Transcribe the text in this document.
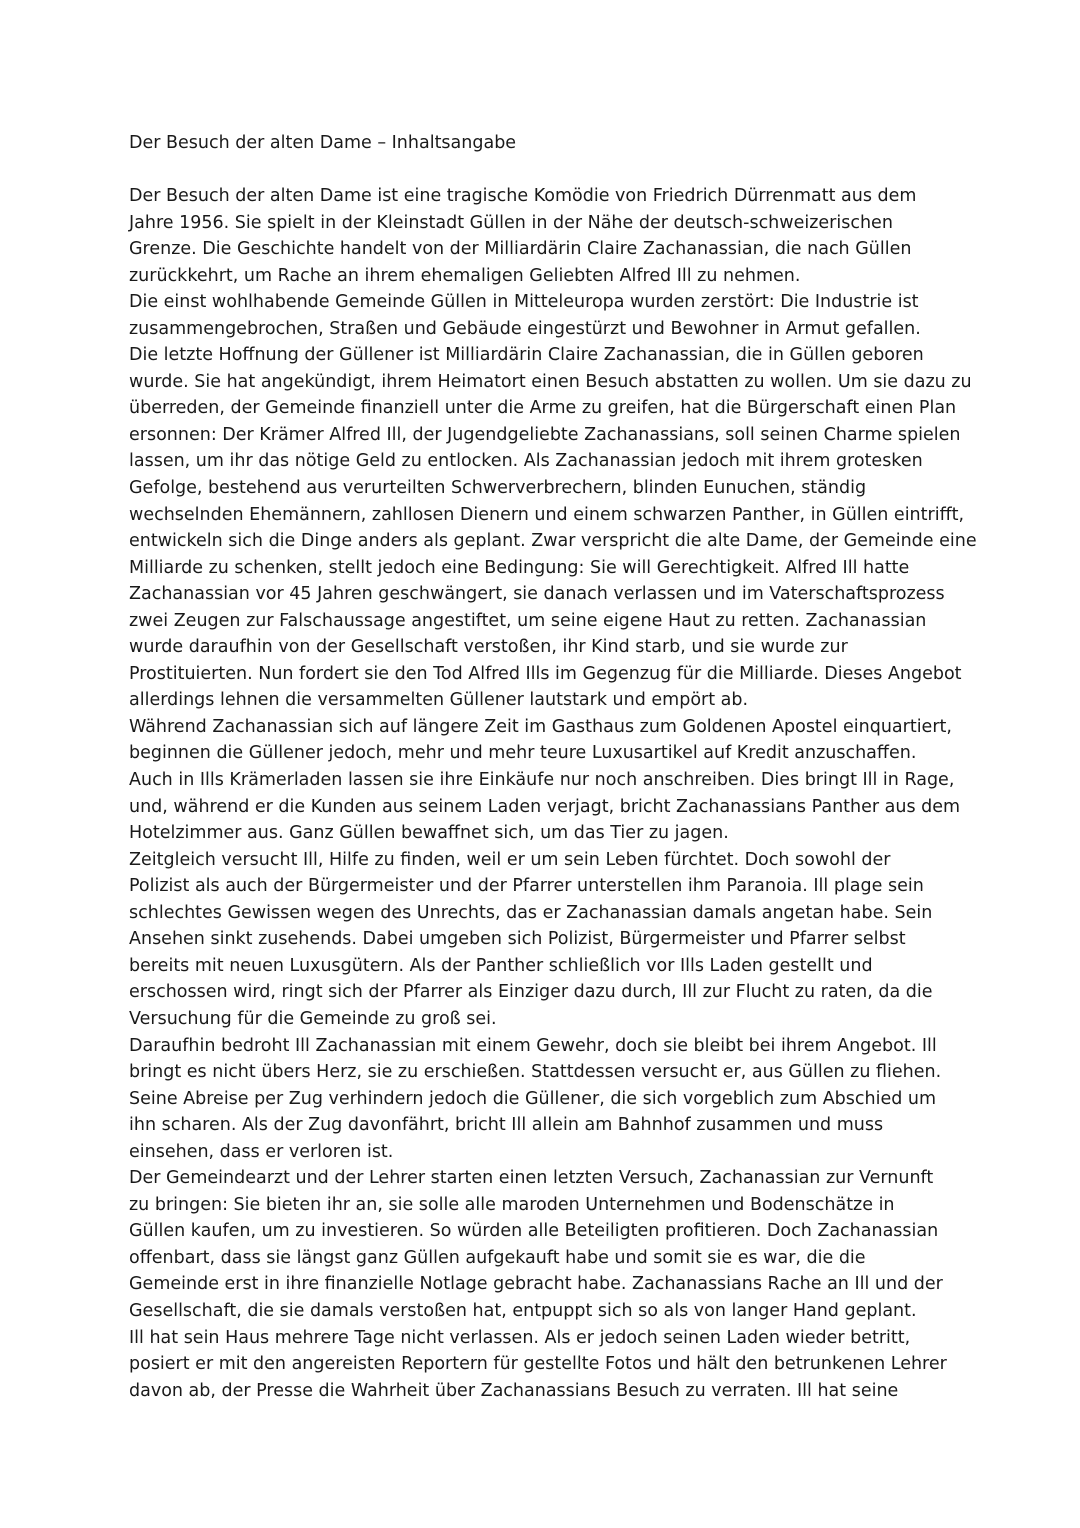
Der Besuch der alten Dame – Inhaltsangabe
Der Besuch der alten Dame ist eine tragische Komödie von Friedrich Dürrenmatt aus dem
Jahre 1956. Sie spielt in der Kleinstadt Güllen in der Nähe der deutsch-schweizerischen
Grenze. Die Geschichte handelt von der Milliardärin Claire Zachanassian, die nach Güllen
zurückkehrt, um Rache an ihrem ehemaligen Geliebten Alfred Ill zu nehmen.
Die einst wohlhabende Gemeinde Güllen in Mitteleuropa wurden zerstört: Die Industrie ist
zusammengebrochen, Straßen und Gebäude eingestürzt und Bewohner in Armut gefallen.
Die letzte Hoffnung der Güllener ist Milliardärin Claire Zachanassian, die in Güllen geboren
wurde. Sie hat angekündigt, ihrem Heimatort einen Besuch abstatten zu wollen. Um sie dazu zu
überreden, der Gemeinde finanziell unter die Arme zu greifen, hat die Bürgerschaft einen Plan
ersonnen: Der Krämer Alfred Ill, der Jugendgeliebte Zachanassians, soll seinen Charme spielen
lassen, um ihr das nötige Geld zu entlocken. Als Zachanassian jedoch mit ihrem grotesken
Gefolge, bestehend aus verurteilten Schwerverbrechern, blinden Eunuchen, ständig
wechselnden Ehemännern, zahllosen Dienern und einem schwarzen Panther, in Güllen eintrifft,
entwickeln sich die Dinge anders als geplant. Zwar verspricht die alte Dame, der Gemeinde eine
Milliarde zu schenken, stellt jedoch eine Bedingung: Sie will Gerechtigkeit. Alfred Ill hatte
Zachanassian vor 45 Jahren geschwängert, sie danach verlassen und im Vaterschaftsprozess
zwei Zeugen zur Falschaussage angestiftet, um seine eigene Haut zu retten. Zachanassian
wurde daraufhin von der Gesellschaft verstoßen, ihr Kind starb, und sie wurde zur
Prostituierten. Nun fordert sie den Tod Alfred Ills im Gegenzug für die Milliarde. Dieses Angebot
allerdings lehnen die versammelten Güllener lautstark und empört ab.
Während Zachanassian sich auf längere Zeit im Gasthaus zum Goldenen Apostel einquartiert,
beginnen die Güllener jedoch, mehr und mehr teure Luxusartikel auf Kredit anzuschaffen.
Auch in Ills Krämerladen lassen sie ihre Einkäufe nur noch anschreiben. Dies bringt Ill in Rage,
und, während er die Kunden aus seinem Laden verjagt, bricht Zachanassians Panther aus dem
Hotelzimmer aus. Ganz Güllen bewaffnet sich, um das Tier zu jagen.
Zeitgleich versucht Ill, Hilfe zu finden, weil er um sein Leben fürchtet. Doch sowohl der
Polizist als auch der Bürgermeister und der Pfarrer unterstellen ihm Paranoia. Ill plage sein
schlechtes Gewissen wegen des Unrechts, das er Zachanassian damals angetan habe. Sein
Ansehen sinkt zusehends. Dabei umgeben sich Polizist, Bürgermeister und Pfarrer selbst
bereits mit neuen Luxusgütern. Als der Panther schließlich vor Ills Laden gestellt und
erschossen wird, ringt sich der Pfarrer als Einziger dazu durch, Ill zur Flucht zu raten, da die
Versuchung für die Gemeinde zu groß sei.
Daraufhin bedroht Ill Zachanassian mit einem Gewehr, doch sie bleibt bei ihrem Angebot. Ill
bringt es nicht übers Herz, sie zu erschießen. Stattdessen versucht er, aus Güllen zu fliehen.
Seine Abreise per Zug verhindern jedoch die Güllener, die sich vorgeblich zum Abschied um
ihn scharen. Als der Zug davonfährt, bricht Ill allein am Bahnhof zusammen und muss
einsehen, dass er verloren ist.
Der Gemeindearzt und der Lehrer starten einen letzten Versuch, Zachanassian zur Vernunft
zu bringen: Sie bieten ihr an, sie solle alle maroden Unternehmen und Bodenschätze in
Güllen kaufen, um zu investieren. So würden alle Beteiligten profitieren. Doch Zachanassian
offenbart, dass sie längst ganz Güllen aufgekauft habe und somit sie es war, die die
Gemeinde erst in ihre finanzielle Notlage gebracht habe. Zachanassians Rache an Ill und der
Gesellschaft, die sie damals verstoßen hat, entpuppt sich so als von langer Hand geplant.
Ill hat sein Haus mehrere Tage nicht verlassen. Als er jedoch seinen Laden wieder betritt,
posiert er mit den angereisten Reportern für gestellte Fotos und hält den betrunkenen Lehrer
davon ab, der Presse die Wahrheit über Zachanassians Besuch zu verraten. Ill hat seine
